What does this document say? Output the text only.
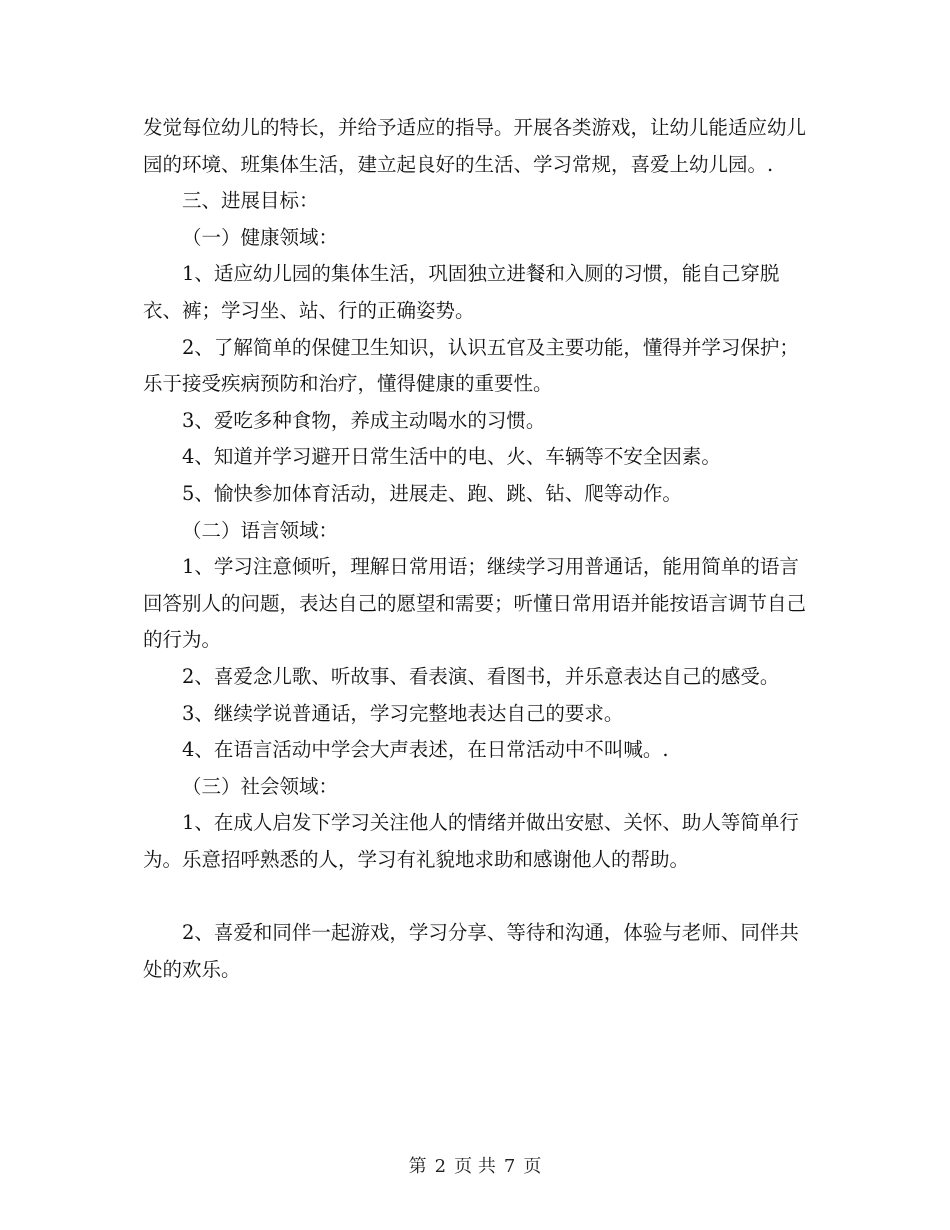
发觉每位幼儿的特长，并给予适应的指导。开展各类游戏，让幼儿能适应幼儿园的环境、班集体生活，建立起良好的生活、学习常规，喜爱上幼儿园。.

三、进展目标：

（一）健康领域：

1、适应幼儿园的集体生活，巩固独立进餐和入厕的习惯，能自己穿脱衣、裤；学习坐、站、行的正确姿势。

2、了解简单的保健卫生知识，认识五官及主要功能，懂得并学习保护；乐于接受疾病预防和治疗，懂得健康的重要性。

3、爱吃多种食物，养成主动喝水的习惯。

4、知道并学习避开日常生活中的电、火、车辆等不安全因素。

5、愉快参加体育活动，进展走、跑、跳、钻、爬等动作。

（二）语言领域：

1、学习注意倾听，理解日常用语；继续学习用普通话，能用简单的语言回答别人的问题，表达自己的愿望和需要；听懂日常用语并能按语言调节自己的行为。

2、喜爱念儿歌、听故事、看表演、看图书，并乐意表达自己的感受。

3、继续学说普通话，学习完整地表达自己的要求。

4、在语言活动中学会大声表述，在日常活动中不叫喊。.

（三）社会领域：

1、在成人启发下学习关注他人的情绪并做出安慰、关怀、助人等简单行为。乐意招呼熟悉的人，学习有礼貌地求助和感谢他人的帮助。

2、喜爱和同伴一起游戏，学习分享、等待和沟通，体验与老师、同伴共处的欢乐。

第 2 页 共 7 页
